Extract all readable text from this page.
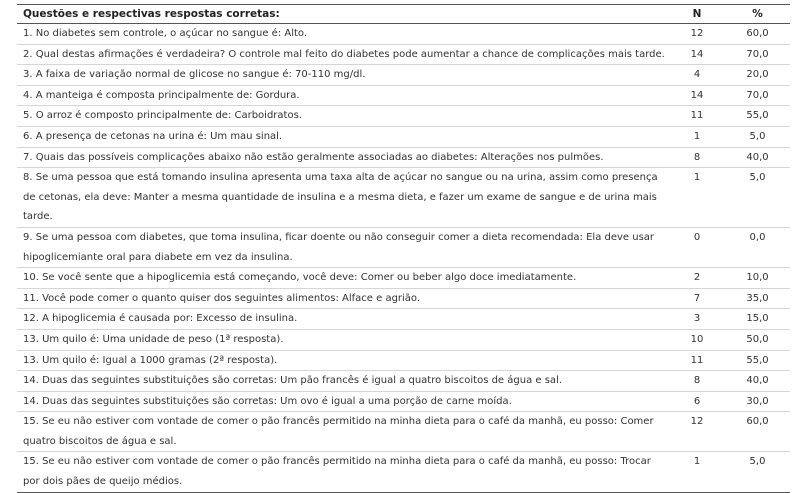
Questões e respectivas respostas corretas:	N	%
1. No diabetes sem controle, o açúcar no sangue é: Alto.	12	60,0
2. Qual destas afirmações é verdadeira? O controle mal feito do diabetes pode aumentar a chance de complicações mais tarde.	14	70,0
3. A faixa de variação normal de glicose no sangue é: 70-110 mg/dl.	4	20,0
4. A manteiga é composta principalmente de: Gordura.	14	70,0
5. O arroz é composto principalmente de: Carboidratos.	11	55,0
6. A presença de cetonas na urina é: Um mau sinal.	1	5,0
7. Quais das possíveis complicações abaixo não estão geralmente associadas ao diabetes: Alterações nos pulmões.	8	40,0
8. Se uma pessoa que está tomando insulina apresenta uma taxa alta de açúcar no sangue ou na urina, assim como presença de cetonas, ela deve: Manter a mesma quantidade de insulina e a mesma dieta, e fazer um exame de sangue e de urina mais tarde.	1	5,0
9. Se uma pessoa com diabetes, que toma insulina, ficar doente ou não conseguir comer a dieta recomendada: Ela deve usar hipoglicemiante oral para diabete em vez da insulina.	0	0,0
10. Se você sente que a hipoglicemia está começando, você deve: Comer ou beber algo doce imediatamente.	2	10,0
11. Você pode comer o quanto quiser dos seguintes alimentos: Alface e agrião.	7	35,0
12. A hipoglicemia é causada por: Excesso de insulina.	3	15,0
13. Um quilo é: Uma unidade de peso (1ª resposta).	10	50,0
13. Um quilo é: Igual a 1000 gramas (2ª resposta).	11	55,0
14. Duas das seguintes substituições são corretas: Um pão francês é igual a quatro biscoitos de água e sal.	8	40,0
14. Duas das seguintes substituições são corretas: Um ovo é igual a uma porção de carne moída.	6	30,0
15. Se eu não estiver com vontade de comer o pão francês permitido na minha dieta para o café da manhã, eu posso: Comer quatro biscoitos de água e sal.	12	60,0
15. Se eu não estiver com vontade de comer o pão francês permitido na minha dieta para o café da manhã, eu posso: Trocar por dois pães de queijo médios.	1	5,0
